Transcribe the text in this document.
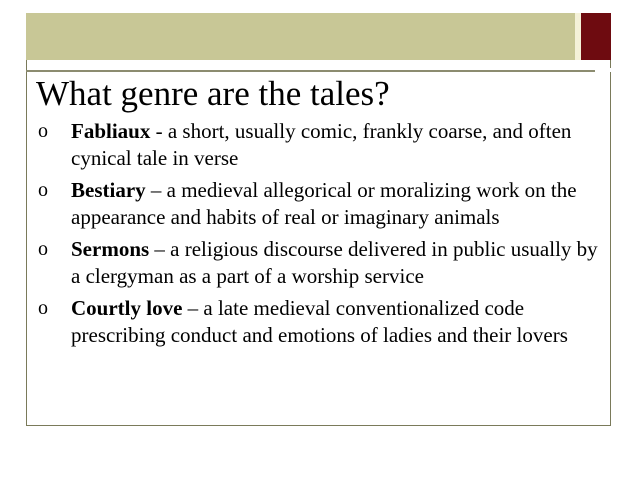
What genre are the tales?
o Fabliaux - a short, usually comic, frankly coarse, and often cynical tale in verse
o Bestiary – a medieval allegorical or moralizing work on the appearance and habits of real or imaginary animals
o Sermons – a religious discourse delivered in public usually by a clergyman as a part of a worship service
o Courtly love – a late medieval conventionalized code prescribing conduct and emotions of ladies and their lovers
